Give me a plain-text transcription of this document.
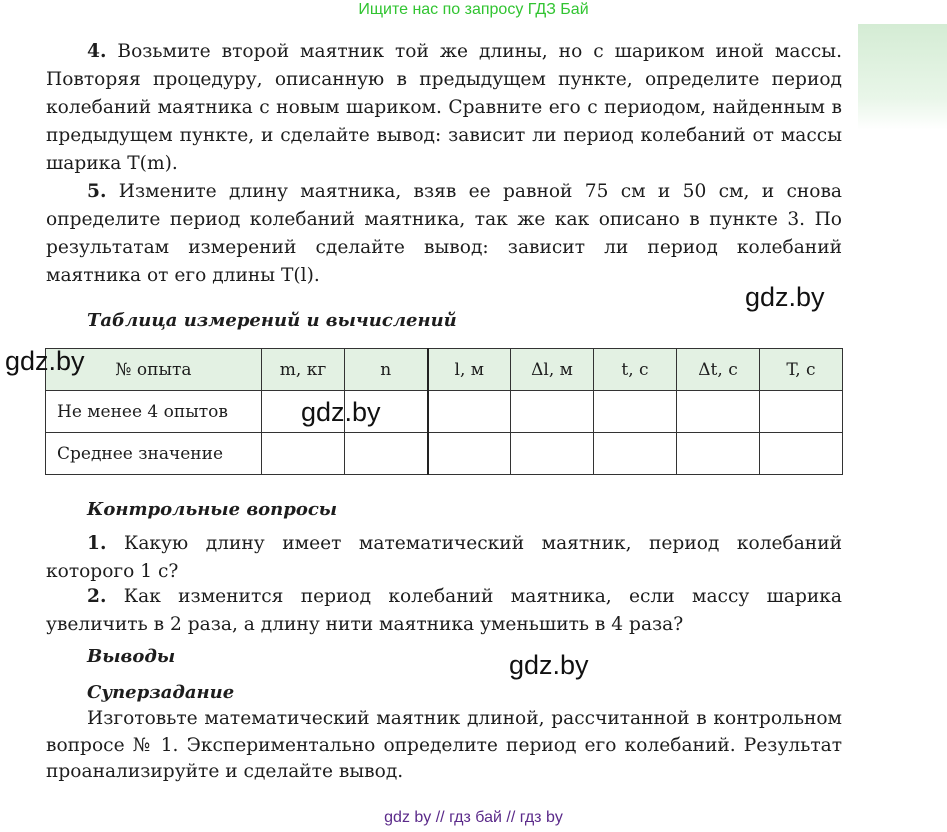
Ищите нас по запросу ГДЗ Бай

4. Возьмите второй маятник той же длины, но с шариком иной массы. Повторяя процедуру, описанную в предыдущем пункте, определите период колебаний маятника с новым шариком. Сравните его с периодом, найденным в предыдущем пункте, и сделайте вывод: зависит ли период колебаний от массы шарика T(m).

5. Измените длину маятника, взяв ее равной 75 см и 50 см, и снова определите период колебаний маятника, так же как описано в пункте 3. По результатам измерений сделайте вывод: зависит ли период колебаний маятника от его длины T(l).

gdz.by
Таблица измерений и вычислений
№ опыта	m, кг	n	l, м	Δl, м	t, с	Δt, с	T, с
Не менее 4 опытов							
Среднее значение							
gdz.by
gdz.by
Контрольные вопросы

1. Какую длину имеет математический маятник, период колебаний которого 1 с?

2. Как изменится период колебаний маятника, если массу шарика увеличить в 2 раза, а длину нити маятника уменьшить в 4 раза?

Выводы	gdz.by
Суперзадание

Изготовьте математический маятник длиной, рассчитанной в контрольном вопросе № 1. Экспериментально определите период его колебаний. Результат проанализируйте и сделайте вывод.

gdz by // гдз бай // гдз by
